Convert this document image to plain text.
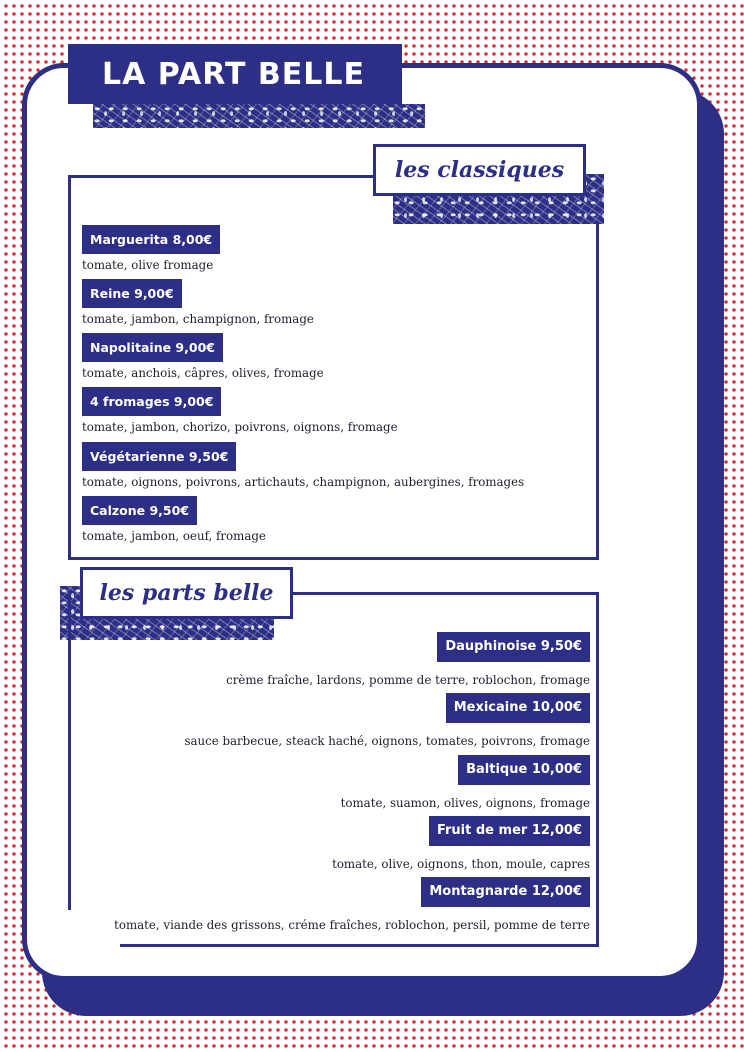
LA PART BELLE
les classiques
Marguerita 8,00€
tomate, olive fromage
Reine 9,00€
tomate, jambon, champignon, fromage
Napolitaine 9,00€
tomate, anchois, câpres, olives, fromage
4 fromages 9,00€
tomate, jambon, chorizo, poivrons, oignons, fromage
Végétarienne 9,50€
tomate, oignons, poivrons, artichauts, champignon, aubergines, fromages
Calzone 9,50€
tomate, jambon, oeuf, fromage
les parts belle
Dauphinoise 9,50€
crème fraîche, lardons, pomme de terre, roblochon, fromage
Mexicaine 10,00€
sauce barbecue, steack haché, oignons, tomates, poivrons, fromage
Baltique 10,00€
tomate, suamon, olives, oignons, fromage
Fruit de mer 12,00€
tomate, olive, oignons, thon, moule, capres
Montagnarde 12,00€
tomate, viande des grissons, créme fraîches, roblochon, persil, pomme de terre
